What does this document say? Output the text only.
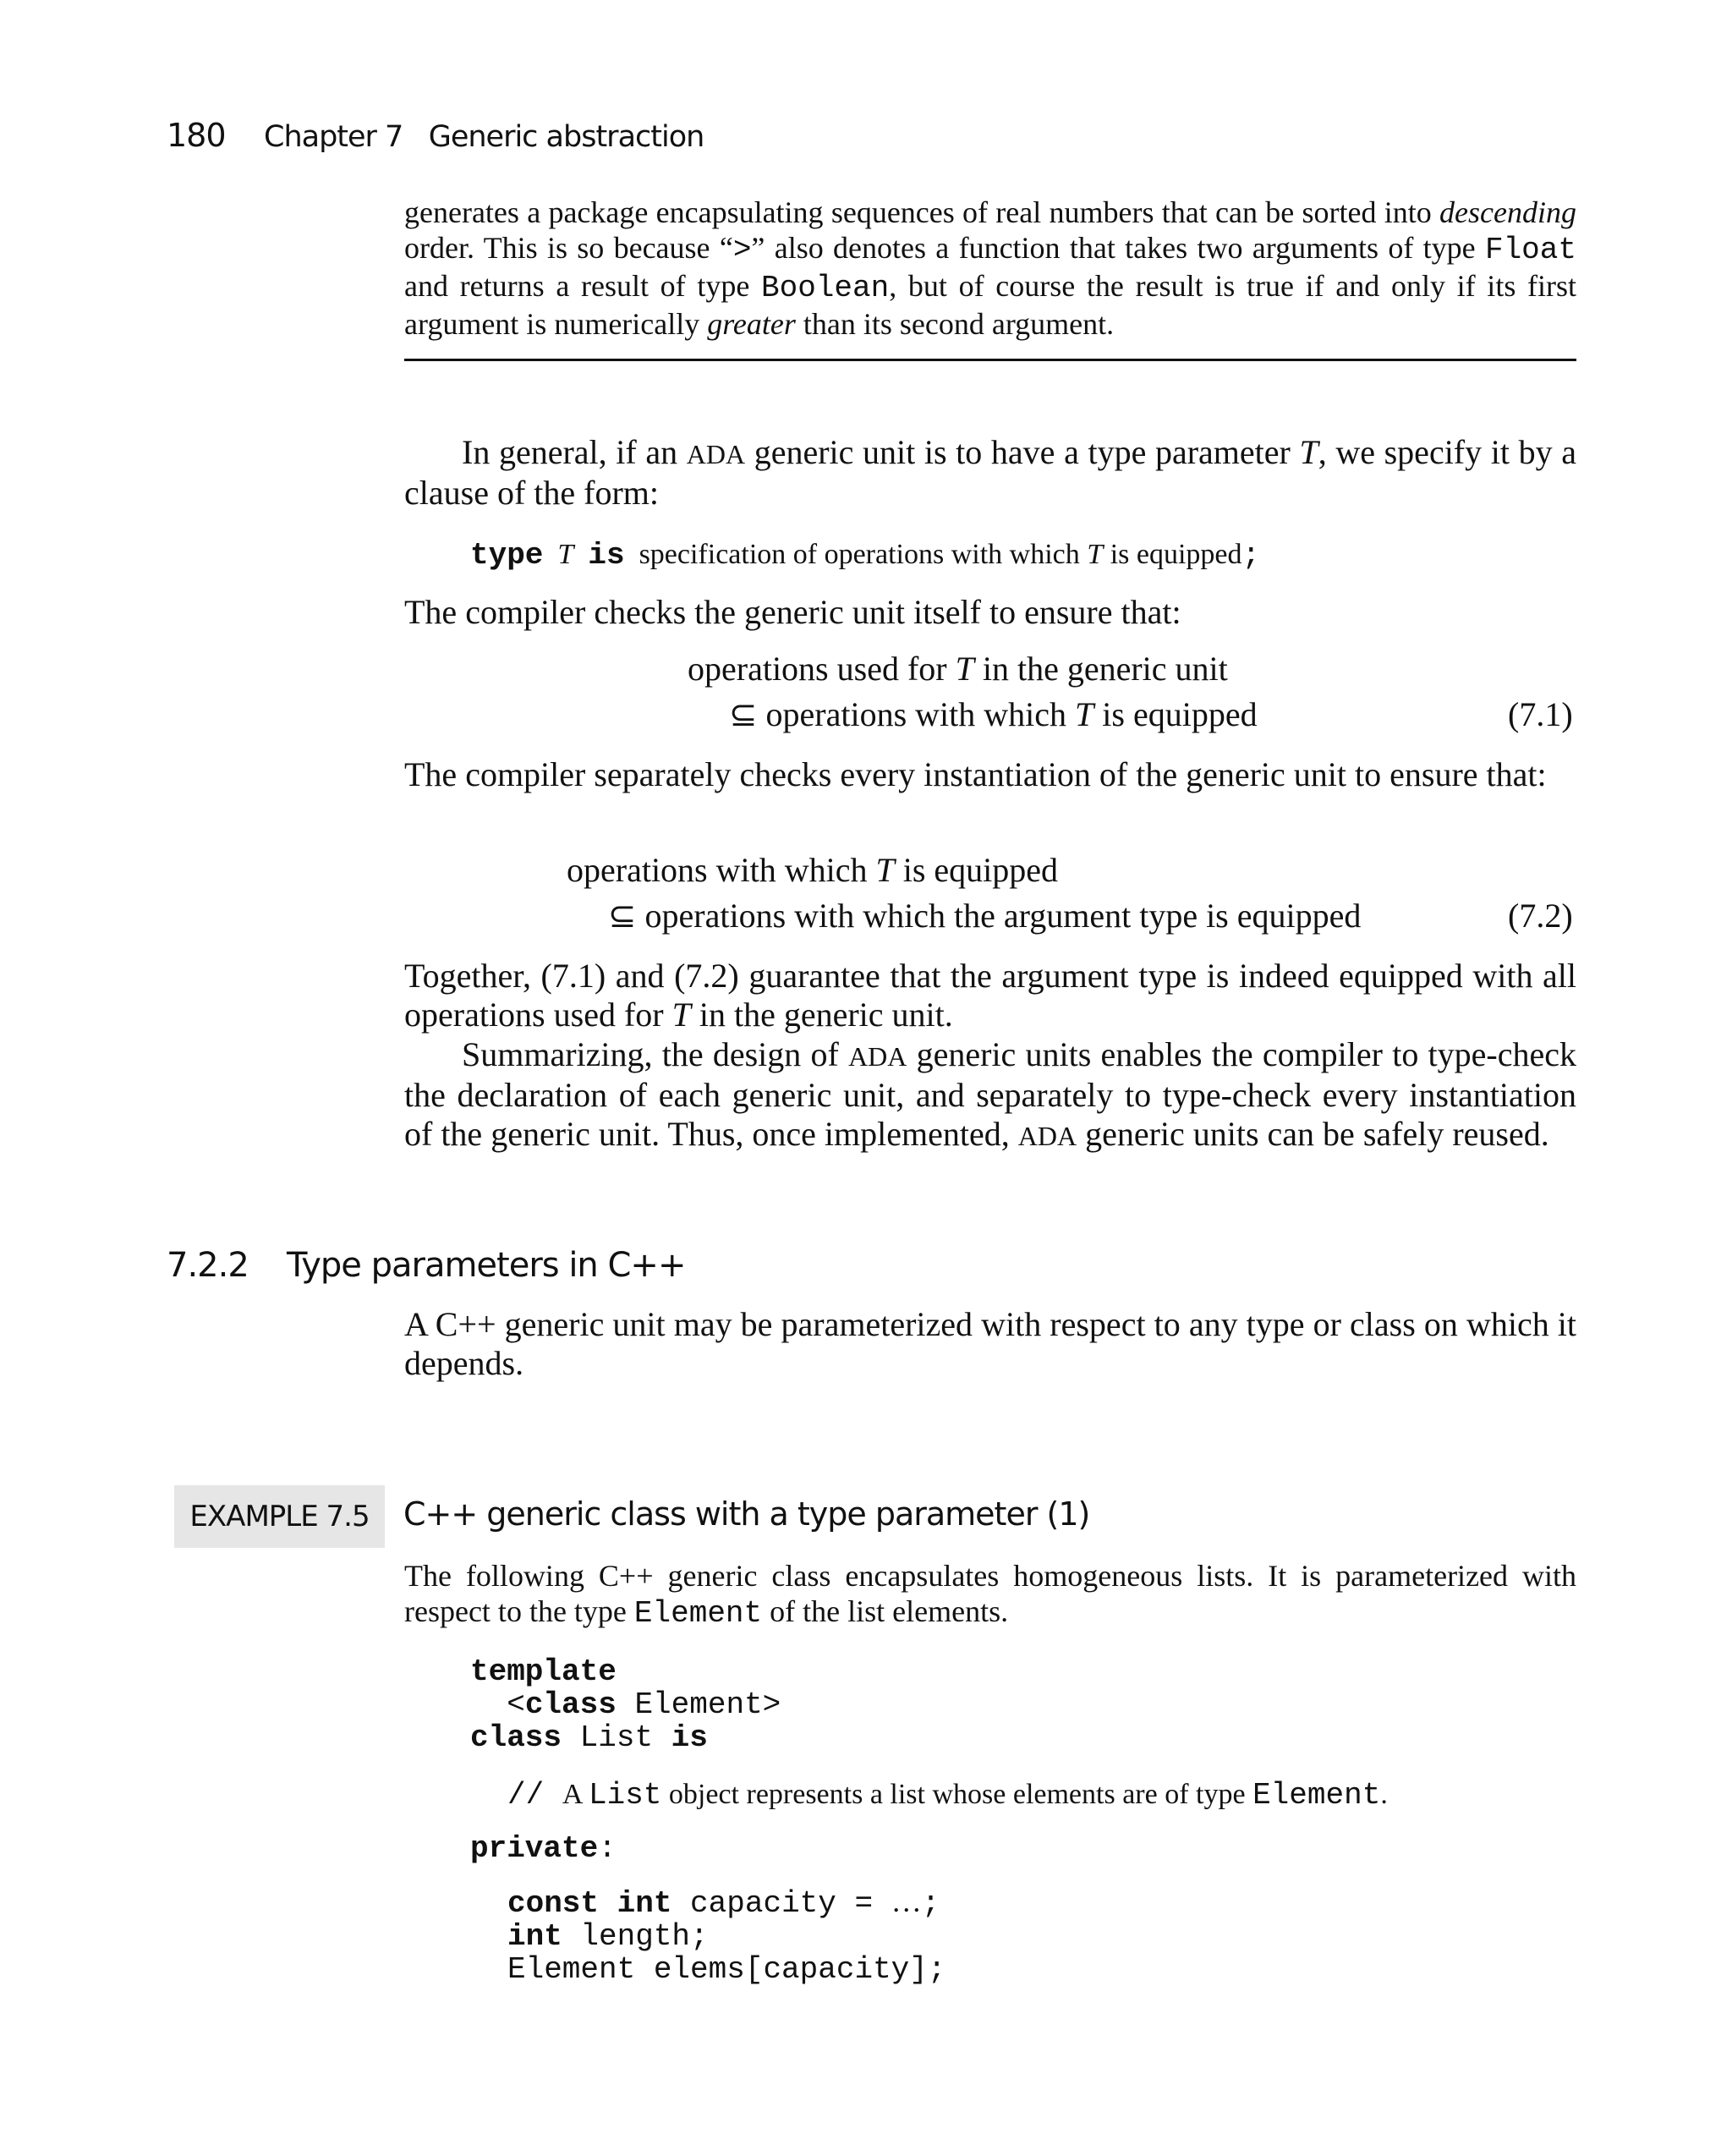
180 Chapter 7   Generic abstraction
generates a package encapsulating sequences of real numbers that can be sorted into descending order. This is so because “>” also denotes a function that takes two arguments of type Float and returns a result of type Boolean, but of course the result is true if and only if its first argument is numerically greater than its second argument.
In general, if an ADA generic unit is to have a type parameter T, we specify it by a clause of the form:
type T is specification of operations with which T is equipped;
The compiler checks the generic unit itself to ensure that:
operations used for T in the generic unit
⊆ operations with which T is equipped	(7.1)
The compiler separately checks every instantiation of the generic unit to ensure that:
operations with which T is equipped
⊆ operations with which the argument type is equipped	(7.2)
Together, (7.1) and (7.2) guarantee that the argument type is indeed equipped with all operations used for T in the generic unit.
Summarizing, the design of ADA generic units enables the compiler to type-check the declaration of each generic unit, and separately to type-check every instantiation of the generic unit. Thus, once implemented, ADA generic units can be safely reused.
7.2.2 Type parameters in C++
A C++ generic unit may be parameterized with respect to any type or class on which it depends.
EXAMPLE 7.5	C++ generic class with a type parameter (1)
The following C++ generic class encapsulates homogeneous lists. It is parameterized with respect to the type Element of the list elements.
template
<class Element>
class List is
// A List object represents a list whose elements are of type Element.
private:
const int capacity = …;
int length;
Element elems[capacity];
